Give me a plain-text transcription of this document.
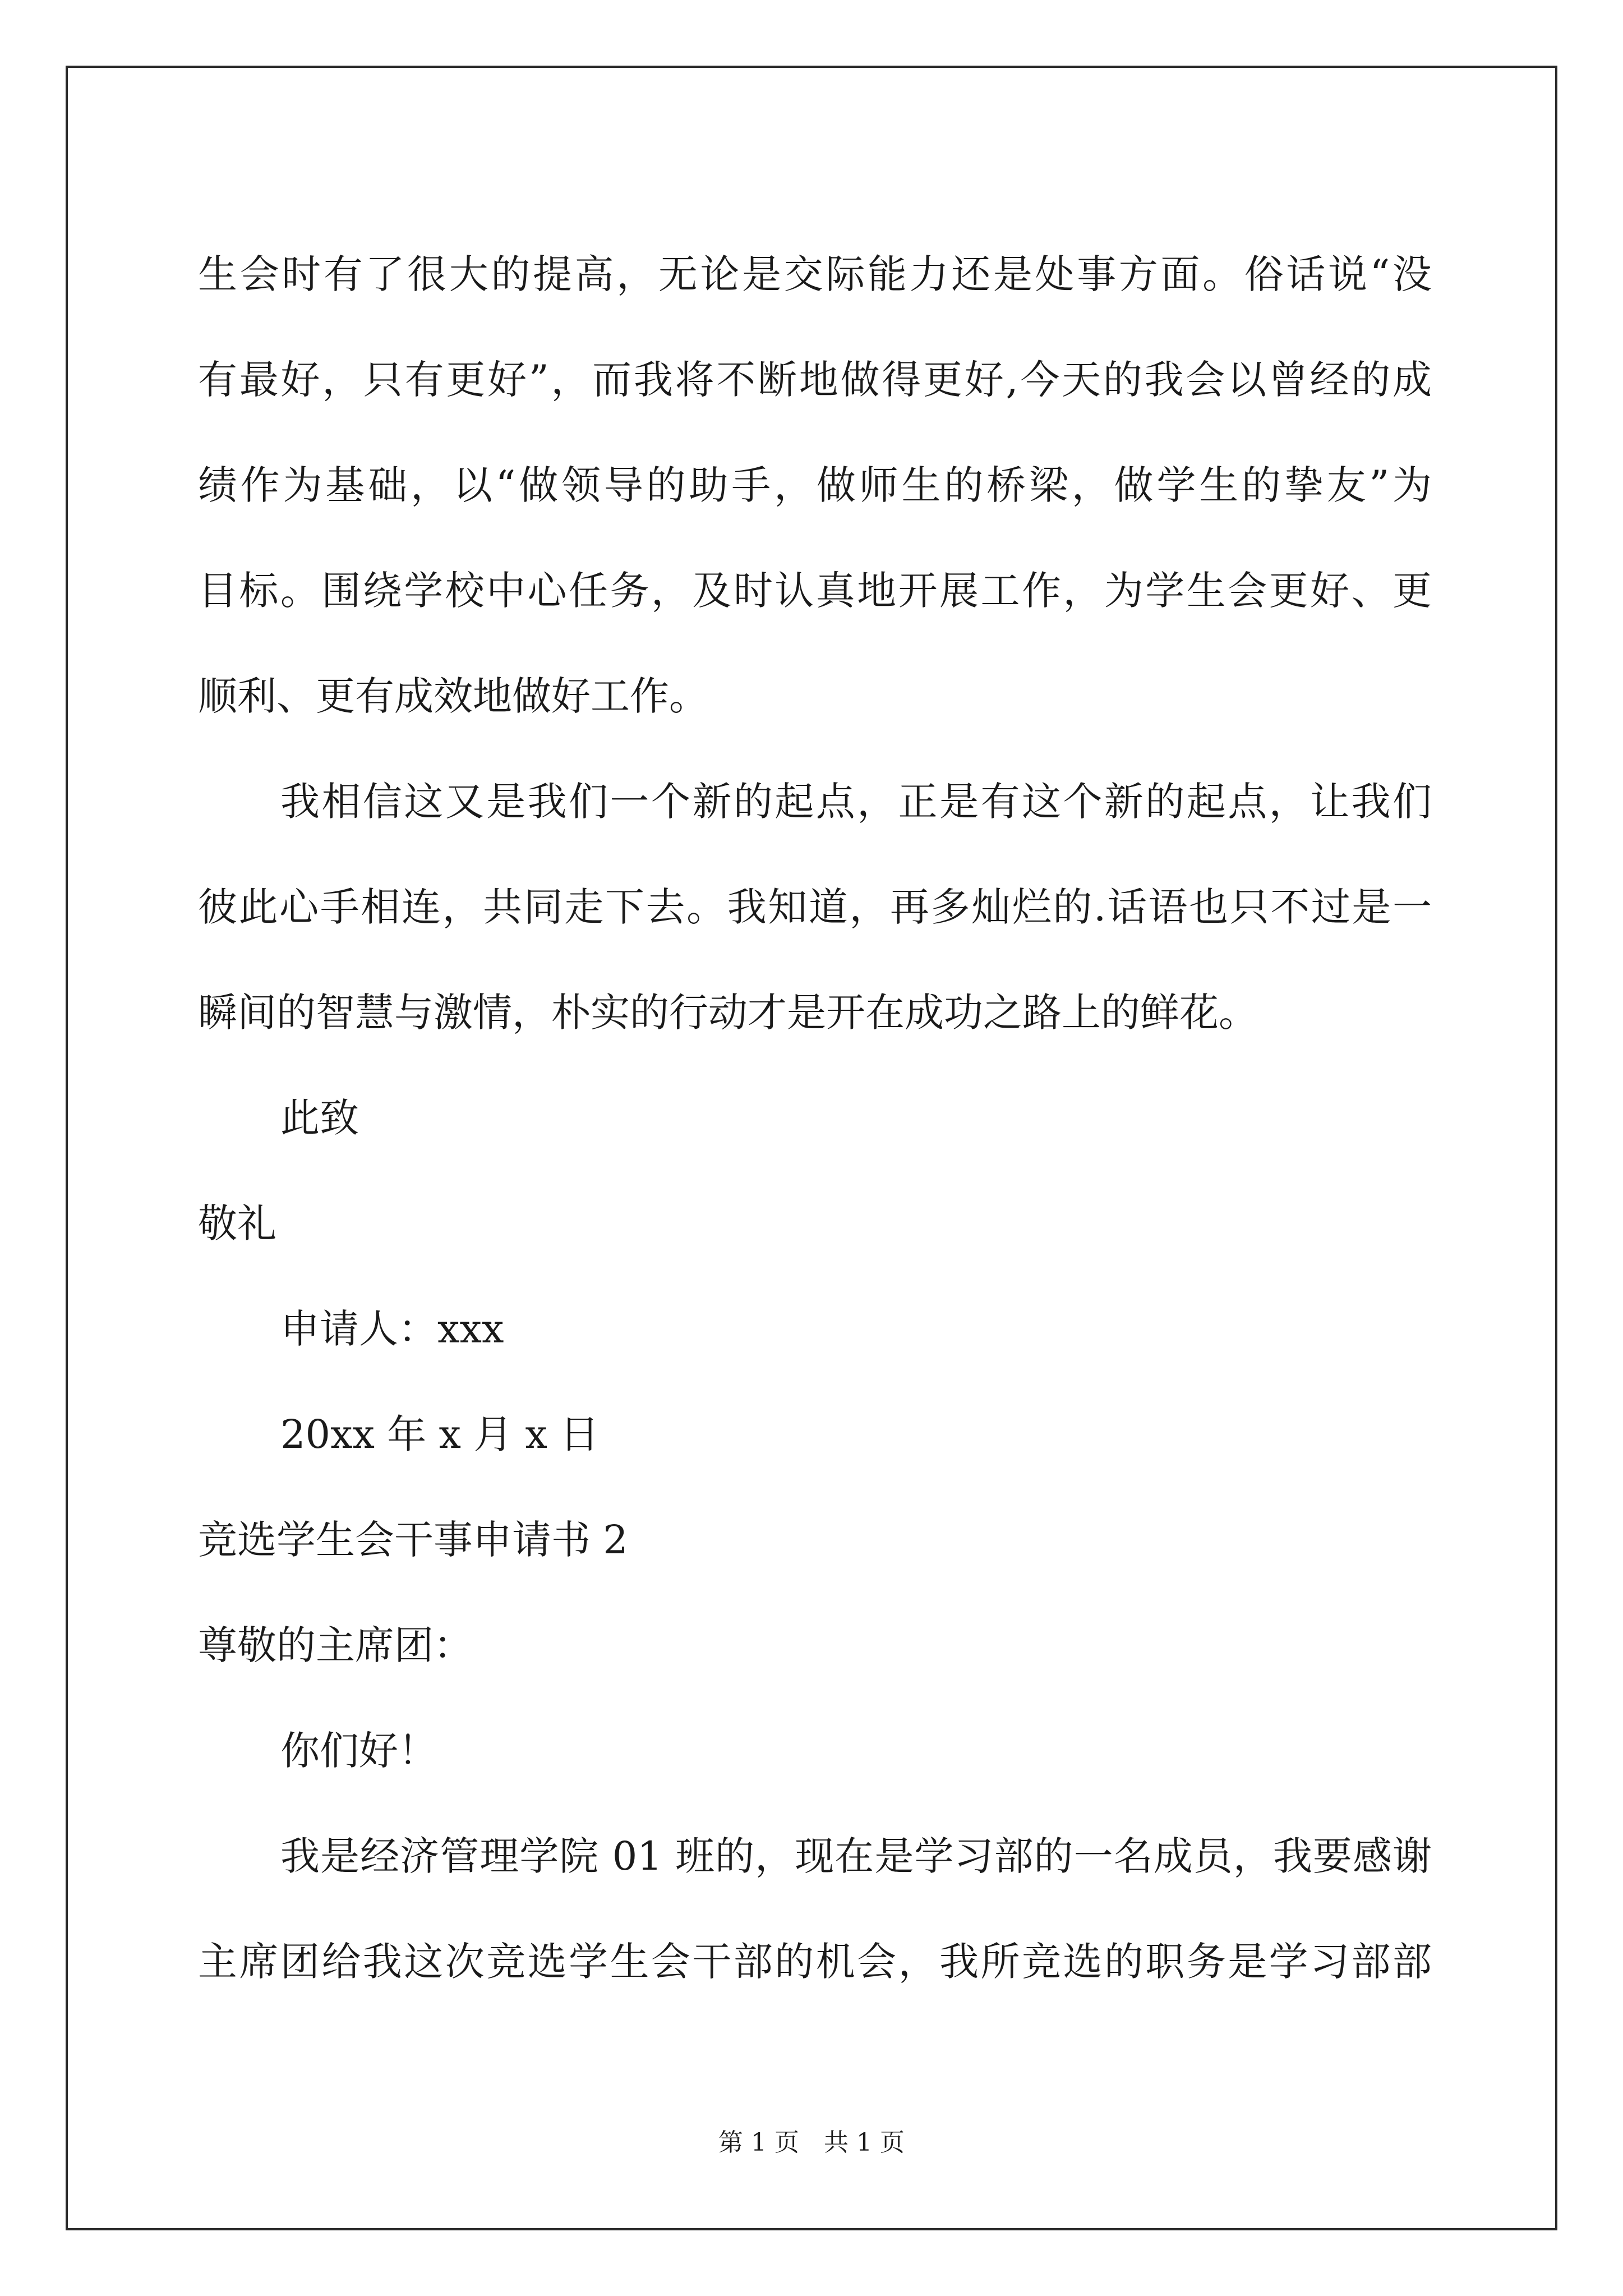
生会时有了很大的提高，无论是交际能力还是处事方面。俗话说“没
有最好，只有更好”，而我将不断地做得更好,今天的我会以曾经的成
绩作为基础，以“做领导的助手，做师生的桥梁，做学生的挚友”为
目标。围绕学校中心任务，及时认真地开展工作，为学生会更好、更
顺利、更有成效地做好工作。
我相信这又是我们一个新的起点，正是有这个新的起点，让我们
彼此心手相连，共同走下去。我知道，再多灿烂的.话语也只不过是一
瞬间的智慧与激情，朴实的行动才是开在成功之路上的鲜花。
此致
敬礼
申请人：xxx
20xx 年 x 月 x 日
竞选学生会干事申请书 2
尊敬的主席团：
你们好！
我是经济管理学院 01 班的，现在是学习部的一名成员，我要感谢
主席团给我这次竞选学生会干部的机会，我所竞选的职务是学习部部
第 1 页　共 1 页
